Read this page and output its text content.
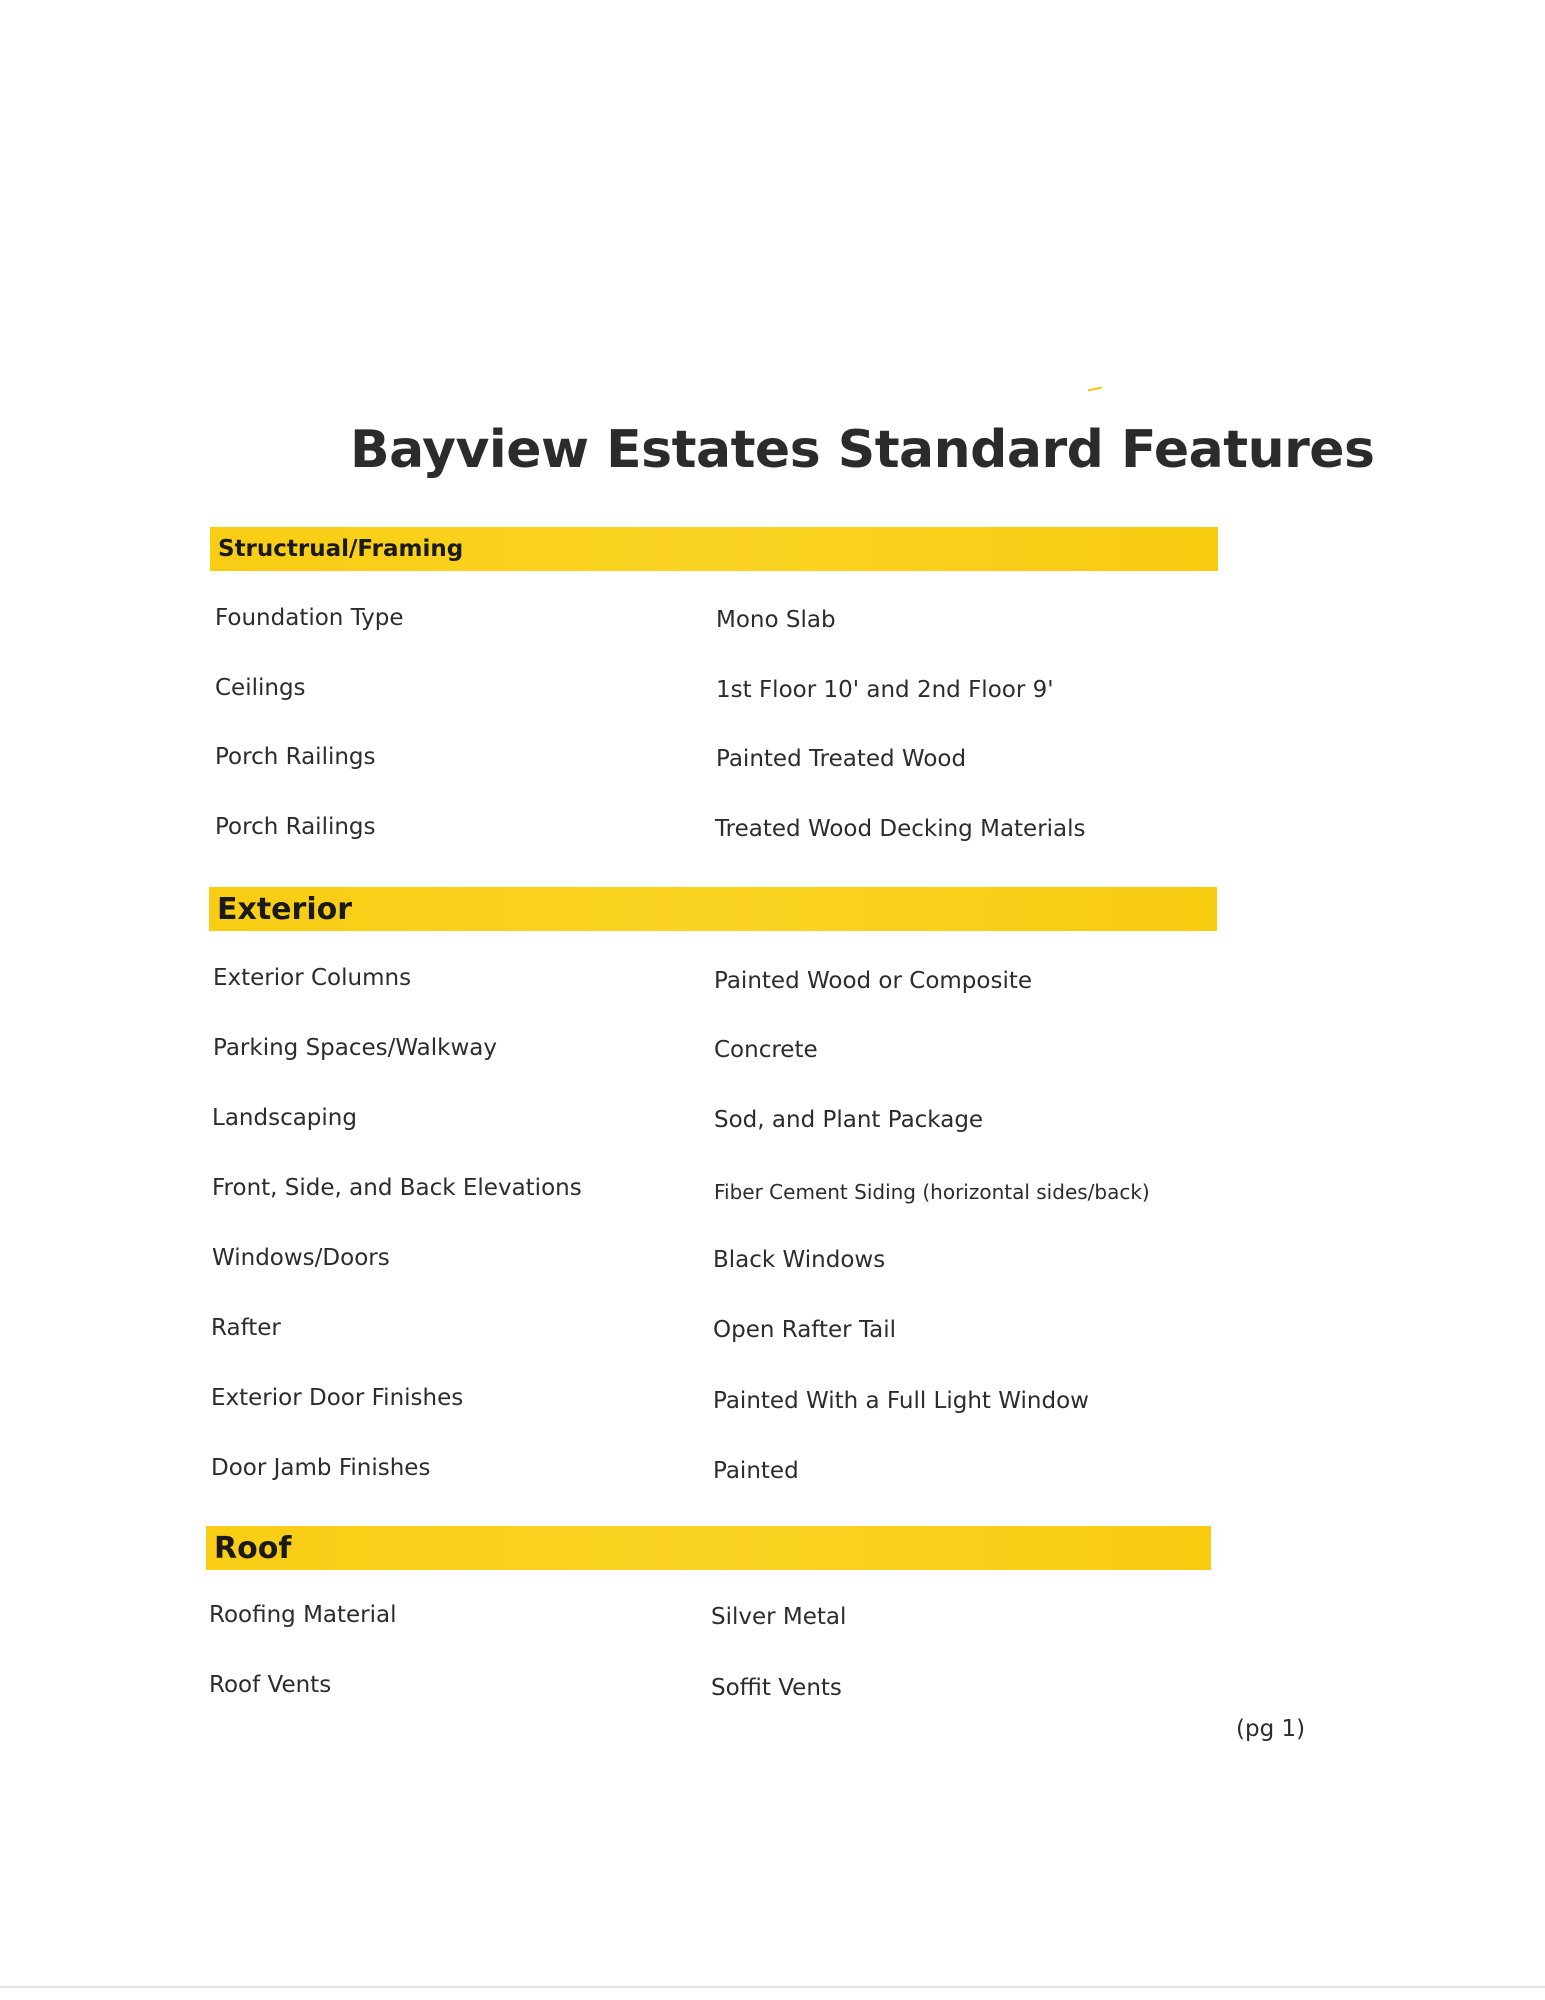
Bayview Estates Standard Features
Structrual/Framing
Foundation Type	Mono Slab
Ceilings	1st Floor 10' and 2nd Floor 9'
Porch Railings	Painted Treated Wood
Porch Railings	Treated Wood Decking Materials
Exterior
Exterior Columns	Painted Wood or Composite
Parking Spaces/Walkway	Concrete
Landscaping	Sod, and Plant Package
Front, Side, and Back Elevations	Fiber Cement Siding (horizontal sides/back)
Windows/Doors	Black Windows
Rafter	Open Rafter Tail
Exterior Door Finishes	Painted With a Full Light Window
Door Jamb Finishes	Painted
Roof
Roofing Material	Silver Metal
Roof Vents	Soffit Vents
(pg 1)
